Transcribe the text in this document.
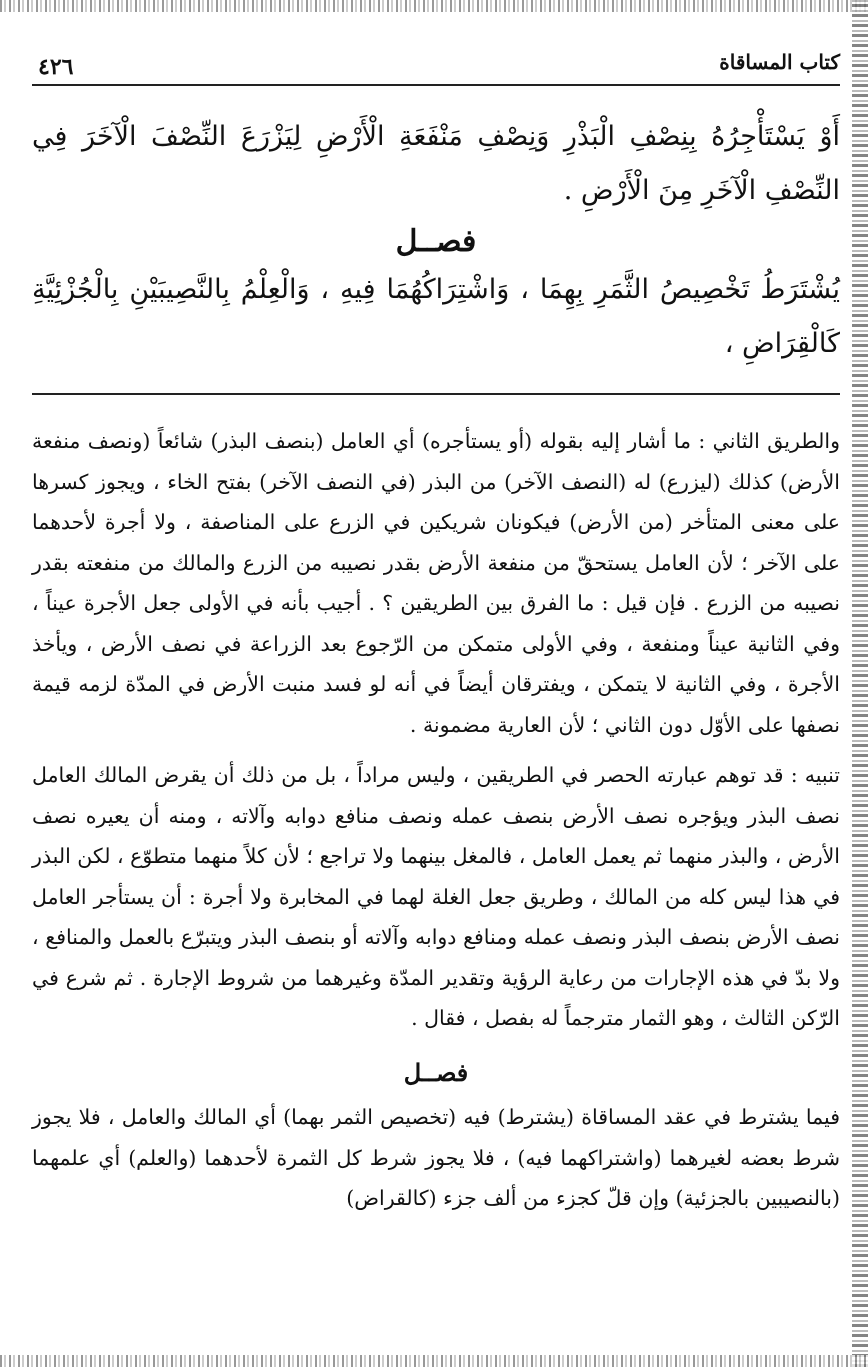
كتاب المساقاة
٤٢٦
أَوْ يَسْتَأْجِرُهُ بِنِصْفِ الْبَذْرِ وَنِصْفِ مَنْفَعَةِ الْأَرْضِ لِيَزْرَعَ النِّصْفَ الْآخَرَ فِي النِّصْفِ الْآخَرِ مِنَ الْأَرْضِ .
فصــل
يُشْتَرَطُ تَخْصِيصُ الثَّمَرِ بِهِمَا ، وَاشْتِرَاكُهُمَا فِيهِ ، وَالْعِلْمُ بِالنَّصِيبَيْنِ بِالْجُزْئِيَّةِ كَالْقِرَاضِ ،

والطريق الثاني : ما أشار إليه بقوله (أو يستأجره) أي العامل (بنصف البذر) شائعاً (ونصف منفعة الأرض) كذلك (ليزرع) له (النصف الآخر) من البذر (في النصف الآخر) بفتح الخاء ، ويجوز كسرها على معنى المتأخر (من الأرض) فيكونان شريكين في الزرع على المناصفة ، ولا أجرة لأحدهما على الآخر ؛ لأن العامل يستحقّ من منفعة الأرض بقدر نصيبه من الزرع والمالك من منفعته بقدر نصيبه من الزرع . فإن قيل : ما الفرق بين الطريقين ؟ . أجيب بأنه في الأولى جعل الأجرة عيناً ، وفي الثانية عيناً ومنفعة ، وفي الأولى متمكن من الرّجوع بعد الزراعة في نصف الأرض ، ويأخذ الأجرة ، وفي الثانية لا يتمكن ، ويفترقان أيضاً في أنه لو فسد منبت الأرض في المدّة لزمه قيمة نصفها على الأوّل دون الثاني ؛ لأن العارية مضمونة .

تنبيه : قد توهم عبارته الحصر في الطريقين ، وليس مراداً ، بل من ذلك أن يقرض المالك العامل نصف البذر ويؤجره نصف الأرض بنصف عمله ونصف منافع دوابه وآلاته ، ومنه أن يعيره نصف الأرض ، والبذر منهما ثم يعمل العامل ، فالمغل بينهما ولا تراجع ؛ لأن كلاً منهما متطوّع ، لكن البذر في هذا ليس كله من المالك ، وطريق جعل الغلة لهما في المخابرة ولا أجرة : أن يستأجر العامل نصف الأرض بنصف البذر ونصف عمله ومنافع دوابه وآلاته أو بنصف البذر ويتبرّع بالعمل والمنافع ، ولا بدّ في هذه الإجارات من رعاية الرؤية وتقدير المدّة وغيرهما من شروط الإجارة . ثم شرع في الرّكن الثالث ، وهو الثمار مترجماً له بفصل ، فقال .

فصــل

فيما يشترط في عقد المساقاة (يشترط) فيه (تخصيص الثمر بهما) أي المالك والعامل ، فلا يجوز شرط بعضه لغيرهما (واشتراكهما فيه) ، فلا يجوز شرط كل الثمرة لأحدهما (والعلم) أي علمهما (بالنصيبين بالجزئية) وإن قلّ كجزء من ألف جزء (كالقراض)
